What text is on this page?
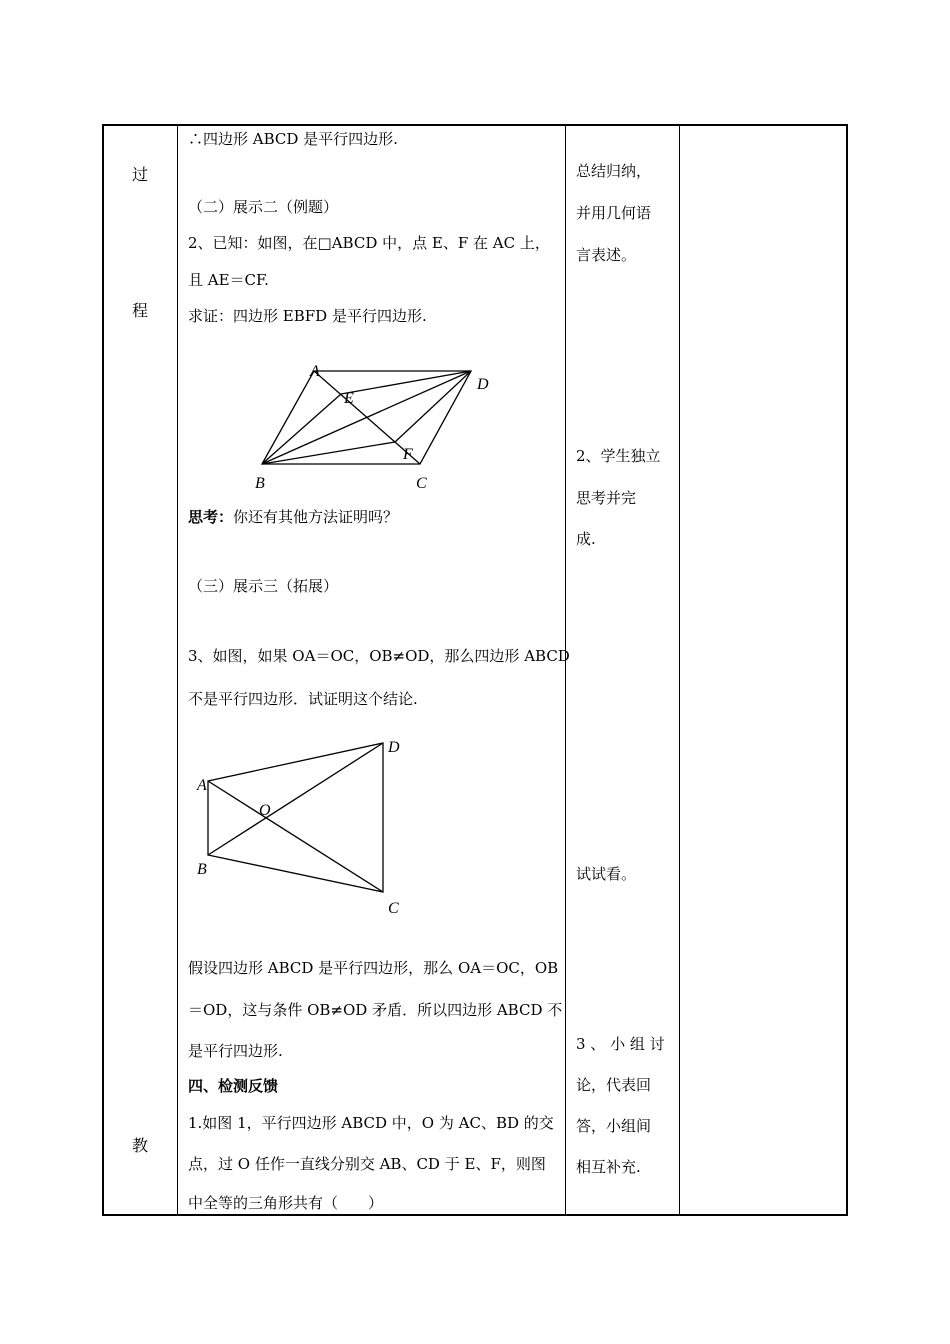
过
程
教
∴四边形 ABCD 是平行四边形.
（二）展示二（例题）
2、已知：如图，在□ABCD 中，点 E、F 在 AC 上，
且 AE＝CF.
求证：四边形 EBFD 是平行四边形.
A
D
E
F
B	C
思考：你还有其他方法证明吗？
（三）展示三（拓展）
3、如图，如果 OA＝OC，OB≠OD，那么四边形 ABCD
不是平行四边形．试证明这个结论.
D
A
O
B
C
假设四边形 ABCD 是平行四边形，那么 OA＝OC，OB
＝OD，这与条件 OB≠OD 矛盾．所以四边形 ABCD 不
是平行四边形.
四、检测反馈
1.如图 1，平行四边形 ABCD 中，O 为 AC、BD 的交
点，过 O 任作一直线分别交 AB、CD 于 E、F，则图
中全等的三角形共有（　　）
总结归纳，
并用几何语
言表述。
2、学生独立
思考并完
成.
试试看。
3 、 小 组 讨
论，代表回
答，小组间
相互补充.
